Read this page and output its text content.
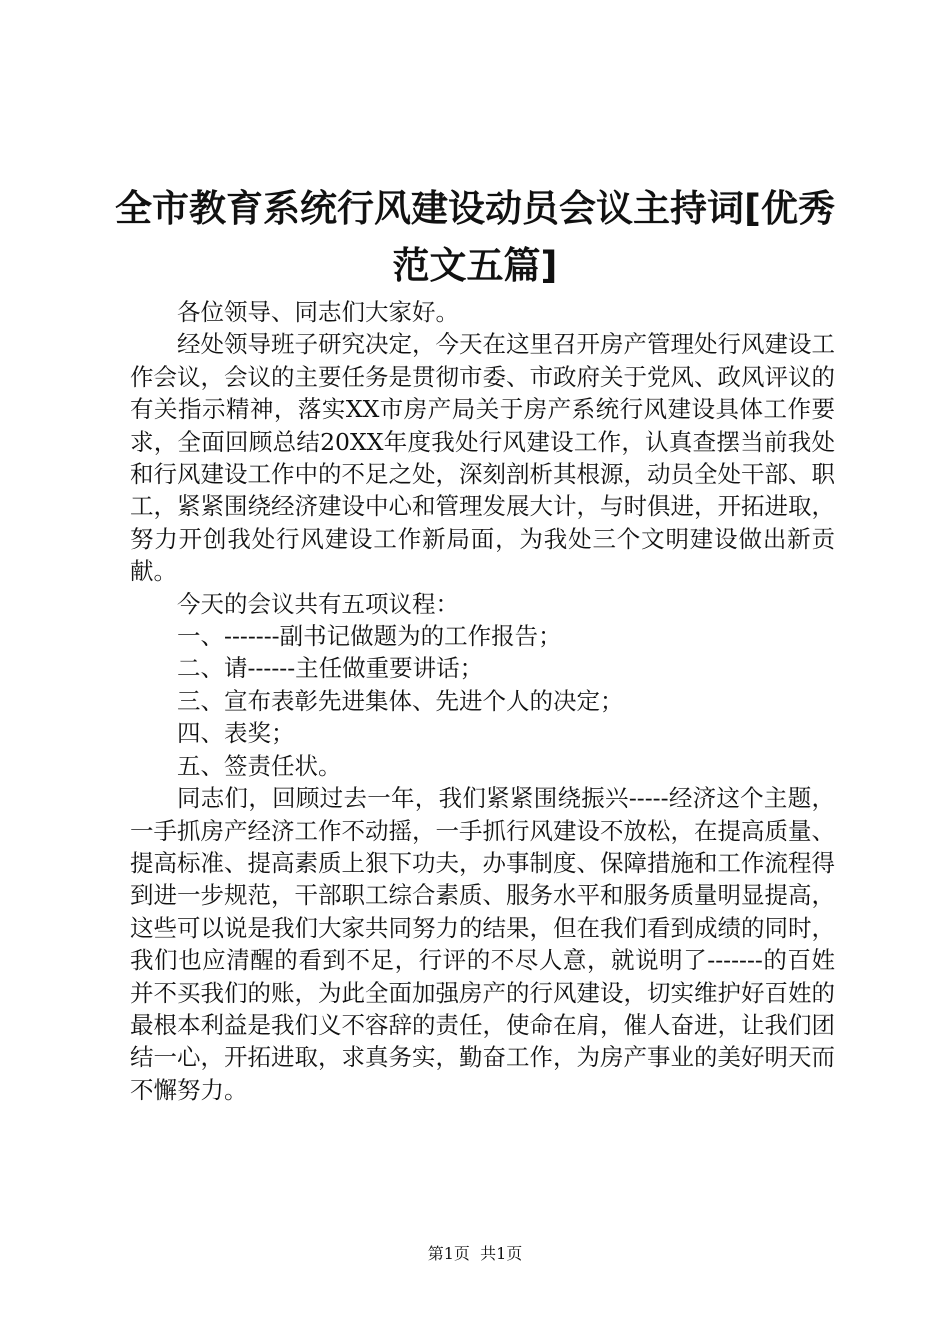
全市教育系统行风建设动员会议主持词[优秀
范文五篇]

各位领导、同志们大家好。

经处领导班子研究决定，今天在这里召开房产管理处行风建设工作会议，会议的主要任务是贯彻市委、市政府关于党风、政风评议的有关指示精神，落实XX市房产局关于房产系统行风建设具体工作要求，全面回顾总结20XX年度我处行风建设工作，认真查摆当前我处和行风建设工作中的不足之处，深刻剖析其根源，动员全处干部、职工，紧紧围绕经济建设中心和管理发展大计，与时俱进，开拓进取，努力开创我处行风建设工作新局面，为我处三个文明建设做出新贡献。

今天的会议共有五项议程：

一、-------副书记做题为的工作报告；

二、请------主任做重要讲话；

三、宣布表彰先进集体、先进个人的决定；

四、表奖；

五、签责任状。

同志们，回顾过去一年，我们紧紧围绕振兴-----经济这个主题，一手抓房产经济工作不动摇，一手抓行风建设不放松，在提高质量、提高标准、提高素质上狠下功夫，办事制度、保障措施和工作流程得到进一步规范，干部职工综合素质、服务水平和服务质量明显提高，这些可以说是我们大家共同努力的结果，但在我们看到成绩的同时，我们也应清醒的看到不足，行评的不尽人意，就说明了-------的百姓并不买我们的账，为此全面加强房产的行风建设，切实维护好百姓的最根本利益是我们义不容辞的责任，使命在肩，催人奋进，让我们团结一心，开拓进取，求真务实，勤奋工作，为房产事业的美好明天而不懈努力。

第1页 共1页
